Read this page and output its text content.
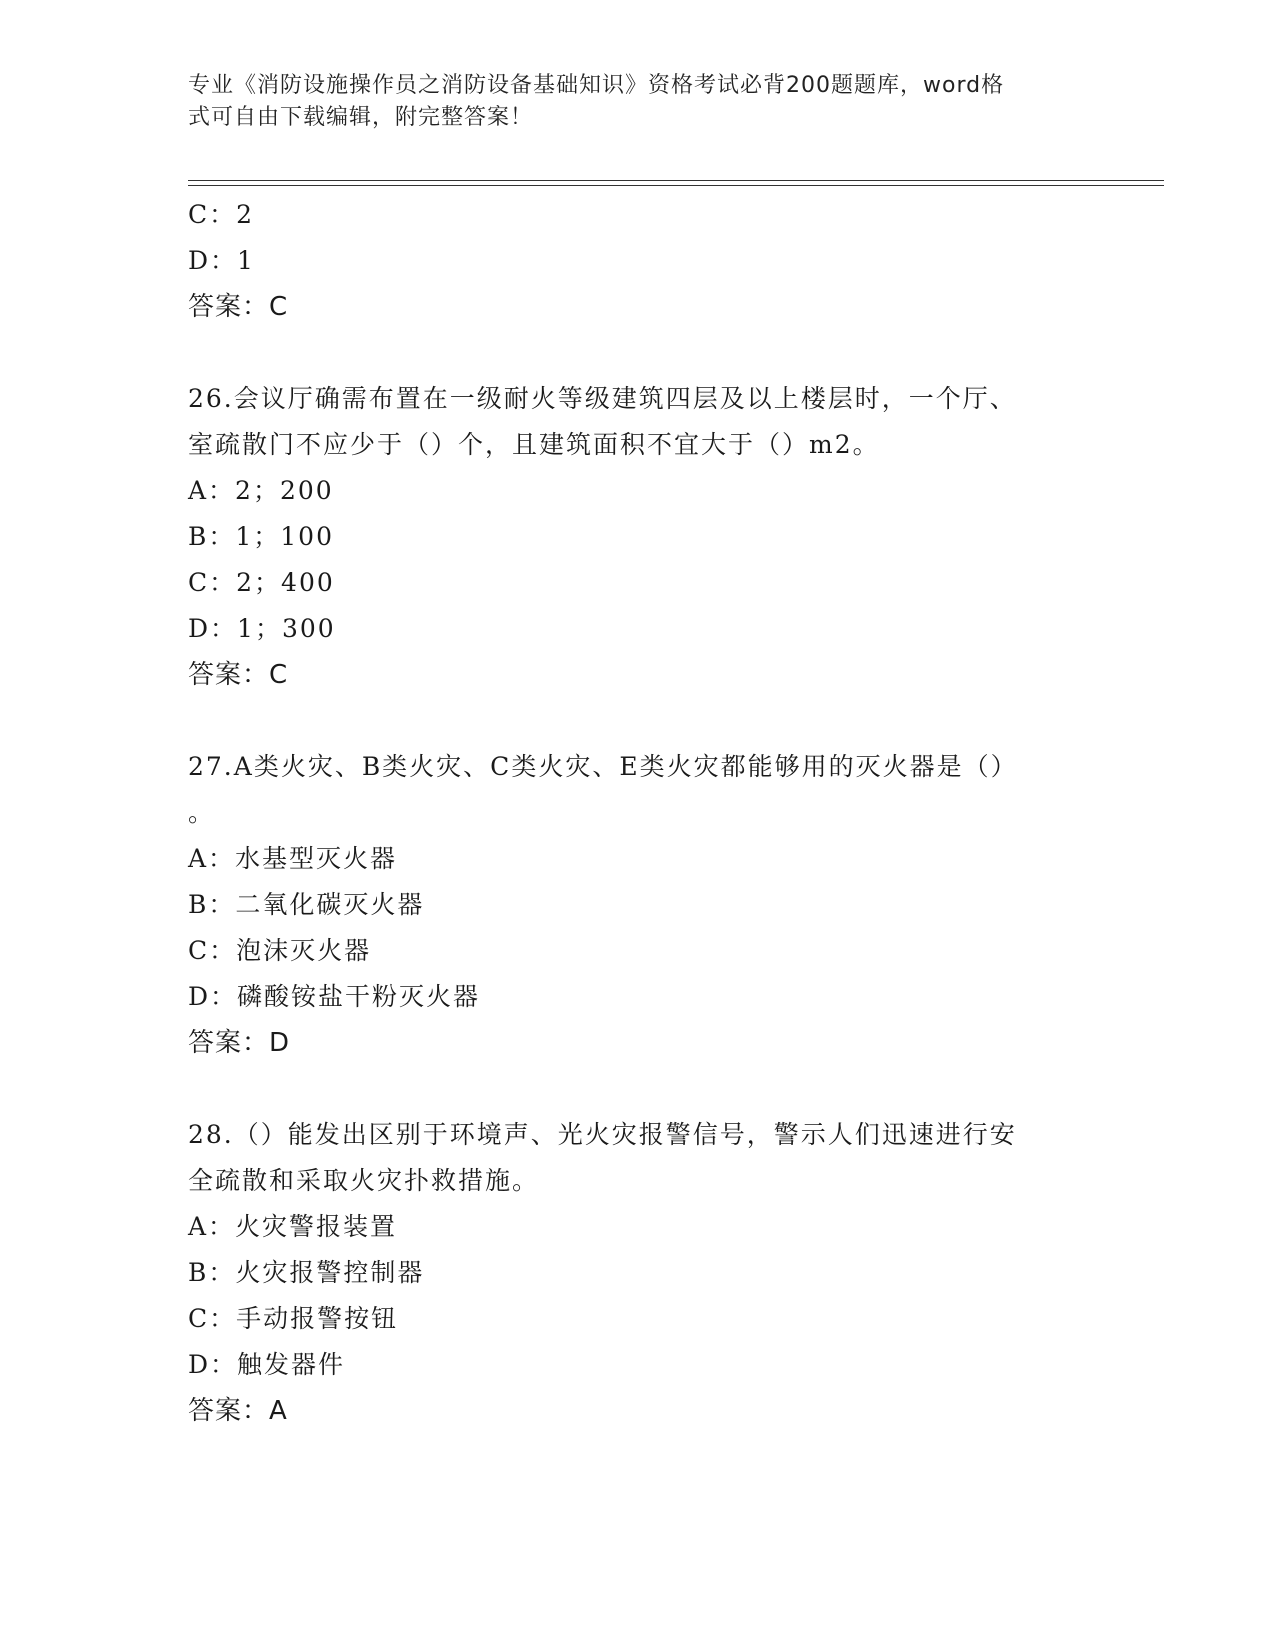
专业《消防设施操作员之消防设备基础知识》资格考试必背200题题库，word格
式可自由下载编辑，附完整答案！
C：2
D：1
答案：C
26.会议厅确需布置在一级耐火等级建筑四层及以上楼层时，一个厅、
室疏散门不应少于（）个，且建筑面积不宜大于（）m2。
A：2；200
B：1；100
C：2；400
D：1；300
答案：C
27.A类火灾、B类火灾、C类火灾、E类火灾都能够用的灭火器是（）
。
A：水基型灭火器
B：二氧化碳灭火器
C：泡沫灭火器
D：磷酸铵盐干粉灭火器
答案：D
28.（）能发出区别于环境声、光火灾报警信号，警示人们迅速进行安
全疏散和采取火灾扑救措施。
A：火灾警报装置
B：火灾报警控制器
C：手动报警按钮
D：触发器件
答案：A
